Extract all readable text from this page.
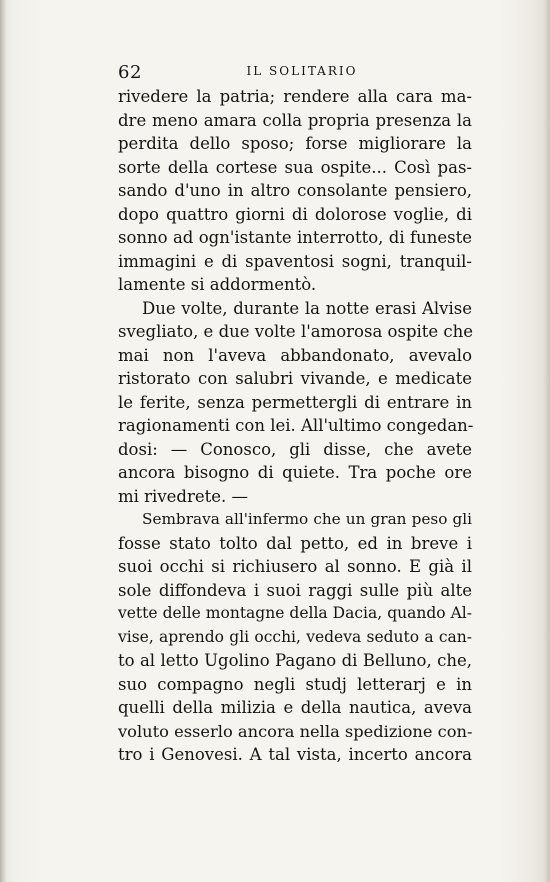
62	IL SOLITARIO
rivedere la patria; rendere alla cara ma-
dre meno amara colla propria presenza la
perdita dello sposo; forse migliorare la
sorte della cortese sua ospite... Così pas-
sando d'uno in altro consolante pensiero,
dopo quattro giorni di dolorose voglie, di
sonno ad ogn'istante interrotto, di funeste
immagini e di spaventosi sogni, tranquil-
lamente si addormentò.
Due volte, durante la notte erasi Alvise
svegliato, e due volte l'amorosa ospite che
mai non l'aveva abbandonato, avevalo
ristorato con salubri vivande, e medicate
le ferite, senza permettergli di entrare in
ragionamenti con lei. All'ultimo congedan-
dosi: — Conosco, gli disse, che avete
ancora bisogno di quiete. Tra poche ore
mi rivedrete. —
Sembrava all'infermo che un gran peso gli
fosse stato tolto dal petto, ed in breve i
suoi occhi si richiusero al sonno. E già il
sole diffondeva i suoi raggi sulle più alte
vette delle montagne della Dacia, quando Al-
vise, aprendo gli occhi, vedeva seduto a can-
to al letto Ugolino Pagano di Belluno, che,
suo compagno negli studj letterarj e in
quelli della milizia e della nautica, aveva
voluto esserlo ancora nella spedizione con-
tro i Genovesi. A tal vista, incerto ancora
